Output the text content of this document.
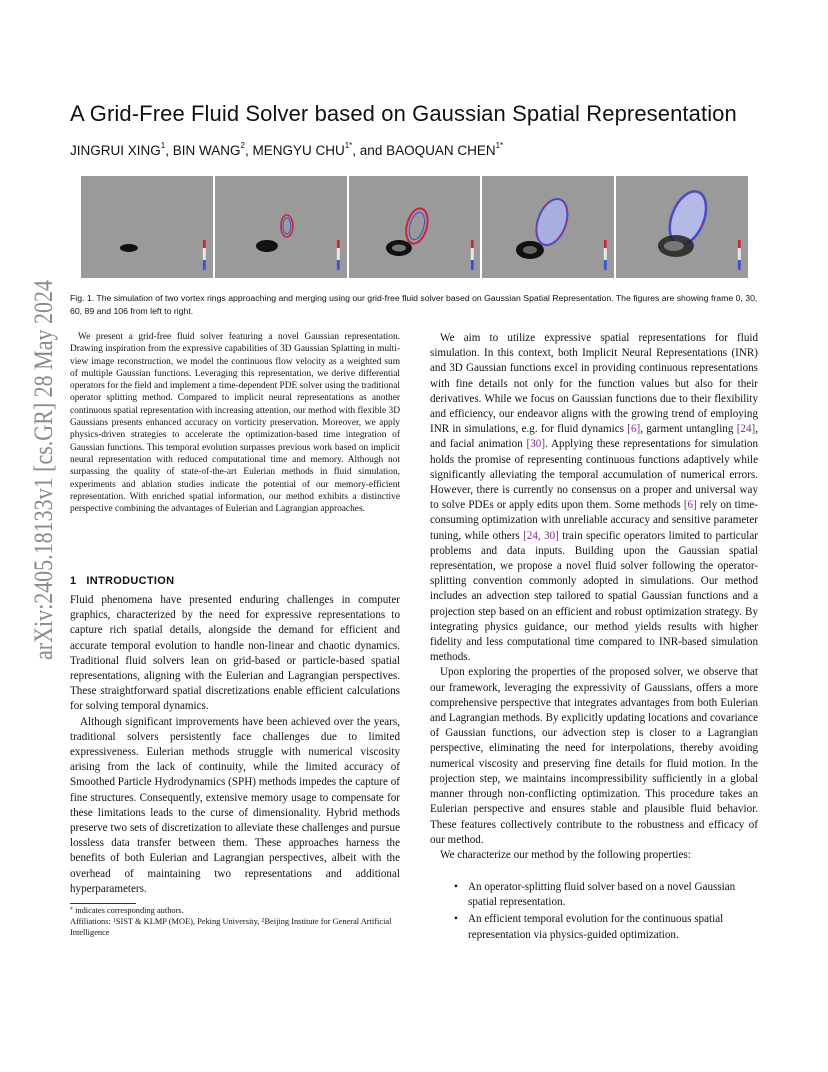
arXiv:2405.18133v1 [cs.GR] 28 May 2024
A Grid-Free Fluid Solver based on Gaussian Spatial Representation
JINGRUI XING$^1$, BIN WANG$^2$, MENGYU $CHU^{1*}$, and BAOQUAN $CHEN^{1*}$

Fig. 1. The simulation of two vortex rings approaching and merging using our grid-free fluid solver based on Gaussian Spatial Representation. The figures are showing frame 0, 30, 60, 89 and 106 from left to right.

We present a grid-free fluid solver featuring a novel Gaussian representation. Drawing inspiration from the expressive capabilities of 3D Gaussian Splatting in multi-view image reconstruction, we model the continuous flow velocity as a weighted sum of multiple Gaussian functions. Leveraging this representation, we derive differential operators for the field and implement a time-dependent PDE solver using the traditional operator splitting method. Compared to implicit neural representations as another continuous spatial representation with increasing attention, our method with flexible 3D Gaussians presents enhanced accuracy on vorticity preservation. Moreover, we apply physics-driven strategies to accelerate the optimization-based time integration of Gaussian functions. This temporal evolution surpasses previous work based on implicit neural representation with reduced computational time and memory. Although not surpassing the quality of state-of-the-art Eulerian methods in fluid simulation, experiments and ablation studies indicate the potential of our memory-efficient representation. With enriched spatial information, our method exhibits a distinctive perspective combining the advantages of Eulerian and Lagrangian approaches.

1 INTRODUCTION

Fluid phenomena have presented enduring challenges in computer graphics, characterized by the need for expressive representations to capture rich spatial details, alongside the demand for efficient and accurate temporal evolution to handle non-linear and chaotic dynamics. Traditional fluid solvers lean on grid-based or particle-based spatial representations, aligning with the Eulerian and Lagrangian perspectives. These straightforward spatial discretizations enable efficient calculations for solving temporal dynamics.

Although significant improvements have been achieved over the years, traditional solvers persistently face challenges due to limited expressiveness. Eulerian methods struggle with numerical viscosity arising from the lack of continuity, while the limited accuracy of Smoothed Particle Hydrodynamics (SPH) methods impedes the capture of fine structures. Consequently, extensive memory usage to compensate for these limitations leads to the curse of dimensionality. Hybrid methods preserve two sets of discretization to alleviate these challenges and pursue lossless data transfer between them. These approaches harness the benefits of both Eulerian and Lagrangian perspectives, albeit with the overhead of maintaining two representations and additional hyperparameters.

* indicates corresponding authors.
Affiliations: $^1$SIST & KLMP (MOE), Peking University, $^2$Beijing Institute for General Artificial Intelligence

We aim to utilize expressive spatial representations for fluid simulation. In this context, both Implicit Neural Representations (INR) and 3D Gaussian functions excel in providing continuous representations with fine details not only for the function values but also for their derivatives. While we focus on Gaussian functions due to their flexibility and efficiency, our endeavor aligns with the growing trend of employing INR in simulations, e.g. for fluid dynamics [6], garment untangling [24], and facial animation [30]. Applying these representations for simulation holds the promise of representing continuous functions adaptively while significantly alleviating the temporal accumulation of numerical errors. However, there is currently no consensus on a proper and universal way to solve PDEs or apply edits upon them. Some methods [6] rely on time-consuming optimization with unreliable accuracy and sensitive parameter tuning, while others [24, 30] train specific operators limited to particular problems and data inputs. Building upon the Gaussian spatial representation, we propose a novel fluid solver following the operator-splitting convention commonly adopted in simulations. Our method includes an advection step tailored to spatial Gaussian functions and a projection step based on an efficient and robust optimization strategy. By integrating physics guidance, our method yields results with higher fidelity and less computational time compared to INR-based simulation methods.

Upon exploring the properties of the proposed solver, we observe that our framework, leveraging the expressivity of Gaussians, offers a more comprehensive perspective that integrates advantages from both Eulerian and Lagrangian methods. By explicitly updating locations and covariance of Gaussian functions, our advection step is closer to a Lagrangian perspective, eliminating the need for interpolations, thereby avoiding numerical viscosity and preserving fine details for fluid motion. In the projection step, we maintains incompressibility sufficiently in a global manner through non-conflicting optimization. This procedure takes an Eulerian perspective and ensures stable and plausible fluid behavior. These features collectively contribute to the robustness and efficacy of our method.

We characterize our method by the following properties:

• An operator-splitting fluid solver based on a novel Gaussian spatial representation.
• An efficient temporal evolution for the continuous spatial representation via physics-guided optimization.
